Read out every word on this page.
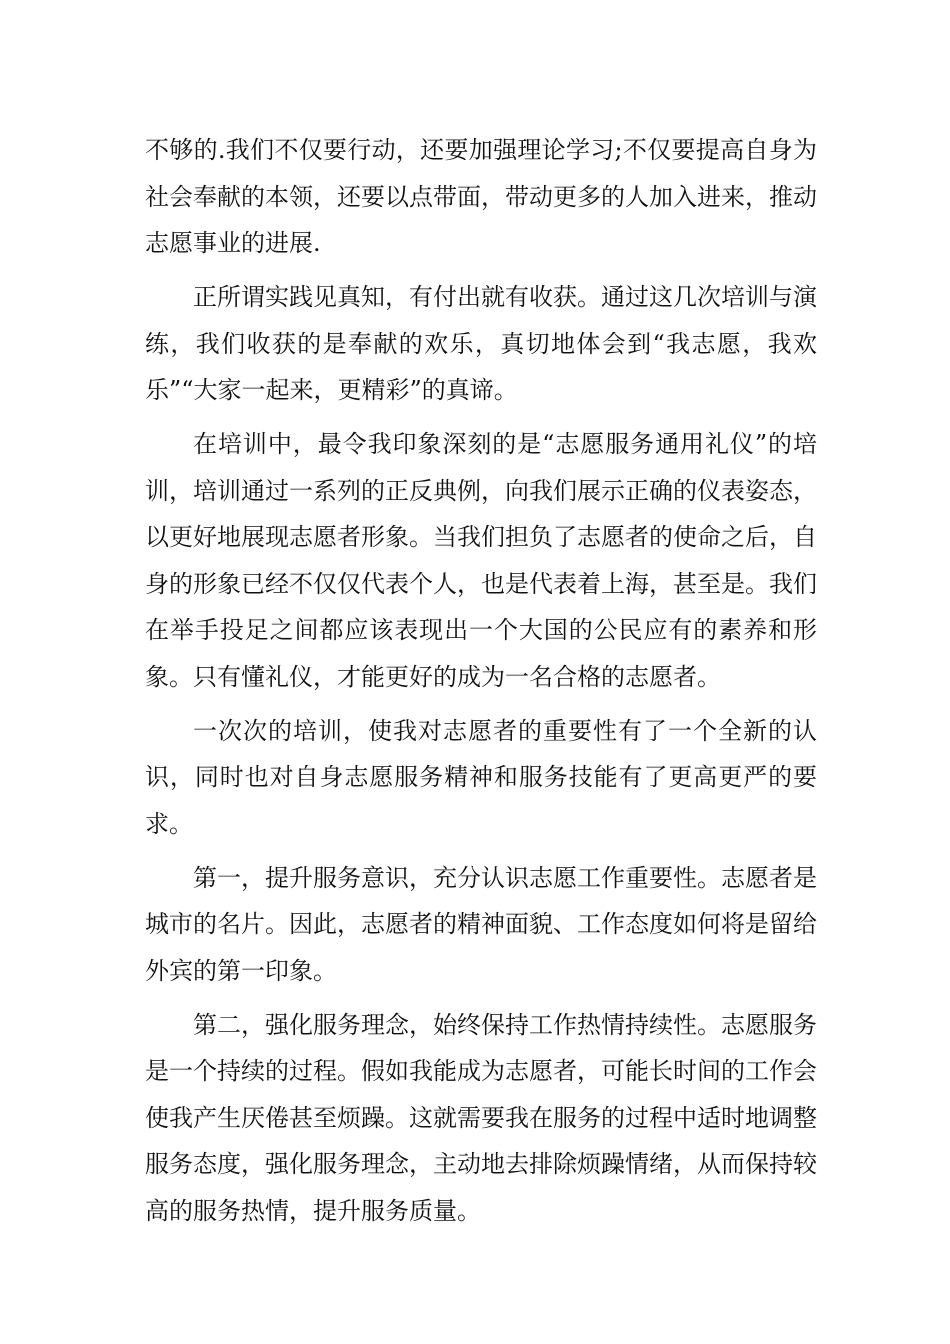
不够的.我们不仅要行动，还要加强理论学习;不仅要提高自身为社会奉献的本领，还要以点带面，带动更多的人加入进来，推动志愿事业的进展.

正所谓实践见真知，有付出就有收获。通过这几次培训与演练，我们收获的是奉献的欢乐，真切地体会到“我志愿，我欢乐”“大家一起来，更精彩”的真谛。

在培训中，最令我印象深刻的是“志愿服务通用礼仪”的培训，培训通过一系列的正反典例，向我们展示正确的仪表姿态，以更好地展现志愿者形象。当我们担负了志愿者的使命之后，自身的形象已经不仅仅代表个人，也是代表着上海，甚至是。我们在举手投足之间都应该表现出一个大国的公民应有的素养和形象。只有懂礼仪，才能更好的成为一名合格的志愿者。

一次次的培训，使我对志愿者的重要性有了一个全新的认识，同时也对自身志愿服务精神和服务技能有了更高更严的要求。

第一，提升服务意识，充分认识志愿工作重要性。志愿者是城市的名片。因此，志愿者的精神面貌、工作态度如何将是留给外宾的第一印象。

第二，强化服务理念，始终保持工作热情持续性。志愿服务是一个持续的过程。假如我能成为志愿者，可能长时间的工作会使我产生厌倦甚至烦躁。这就需要我在服务的过程中适时地调整服务态度，强化服务理念，主动地去排除烦躁情绪，从而保持较高的服务热情，提升服务质量。
